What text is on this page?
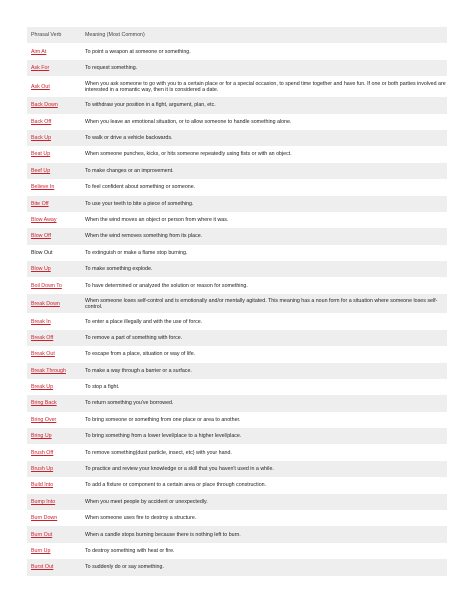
Phrasal Verb	Meaning (Most Common)
Aim At	To point a weapon at someone or something.
Ask For	To request something.
Ask Out	When you ask someone to go with you to a certain place or for a special occasion, to spend time together and have fun. If one or both parties involved are interested in a romantic way, then it is considered a date.
Back Down	To withdraw your position in a fight, argument, plan, etc.
Back Off	When you leave an emotional situation, or to allow someone to handle something alone.
Back Up	To walk or drive a vehicle backwards.
Beat Up	When someone punches, kicks, or hits someone repeatedly using fists or with an object.
Beef Up	To make changes or an improvement.
Believe In	To feel confident about something or someone.
Bite Off	To use your teeth to bite a piece of something.
Blow Away	When the wind moves an object or person from where it was.
Blow Off	When the wind removes something from its place.
Blow Out	To extinguish or make a flame stop burning.
Blow Up	To make something explode.
Boil Down To	To have determined or analyzed the solution or reason for something.
Break Down	When someone loses self-control and is emotionally and/or mentally agitated. This meaning has a noun form for a situation where someone loses self-control.
Break In	To enter a place illegally and with the use of force.
Break Off	To remove a part of something with force.
Break Out	To escape from a place, situation or way of life.
Break Through	To make a way through a barrier or a surface.
Break Up	To stop a fight.
Bring Back	To return something you've borrowed.
Bring Over	To bring someone or something from one place or area to another.
Bring Up	To bring something from a lower level/place to a higher level/place.
Brush Off	To remove something(dust particle, insect, etc) with your hand.
Brush Up	To practice and review your knowledge or a skill that you haven't used in a while.
Build Into	To add a fixture or component to a certain area or place through construction.
Bump Into	When you meet people by accident or unexpectedly.
Burn Down	When someone uses fire to destroy a structure.
Burn Out	When a candle stops burning because there is nothing left to burn.
Burn Up	To destroy something with heat or fire.
Burst Out	To suddenly do or say something.
